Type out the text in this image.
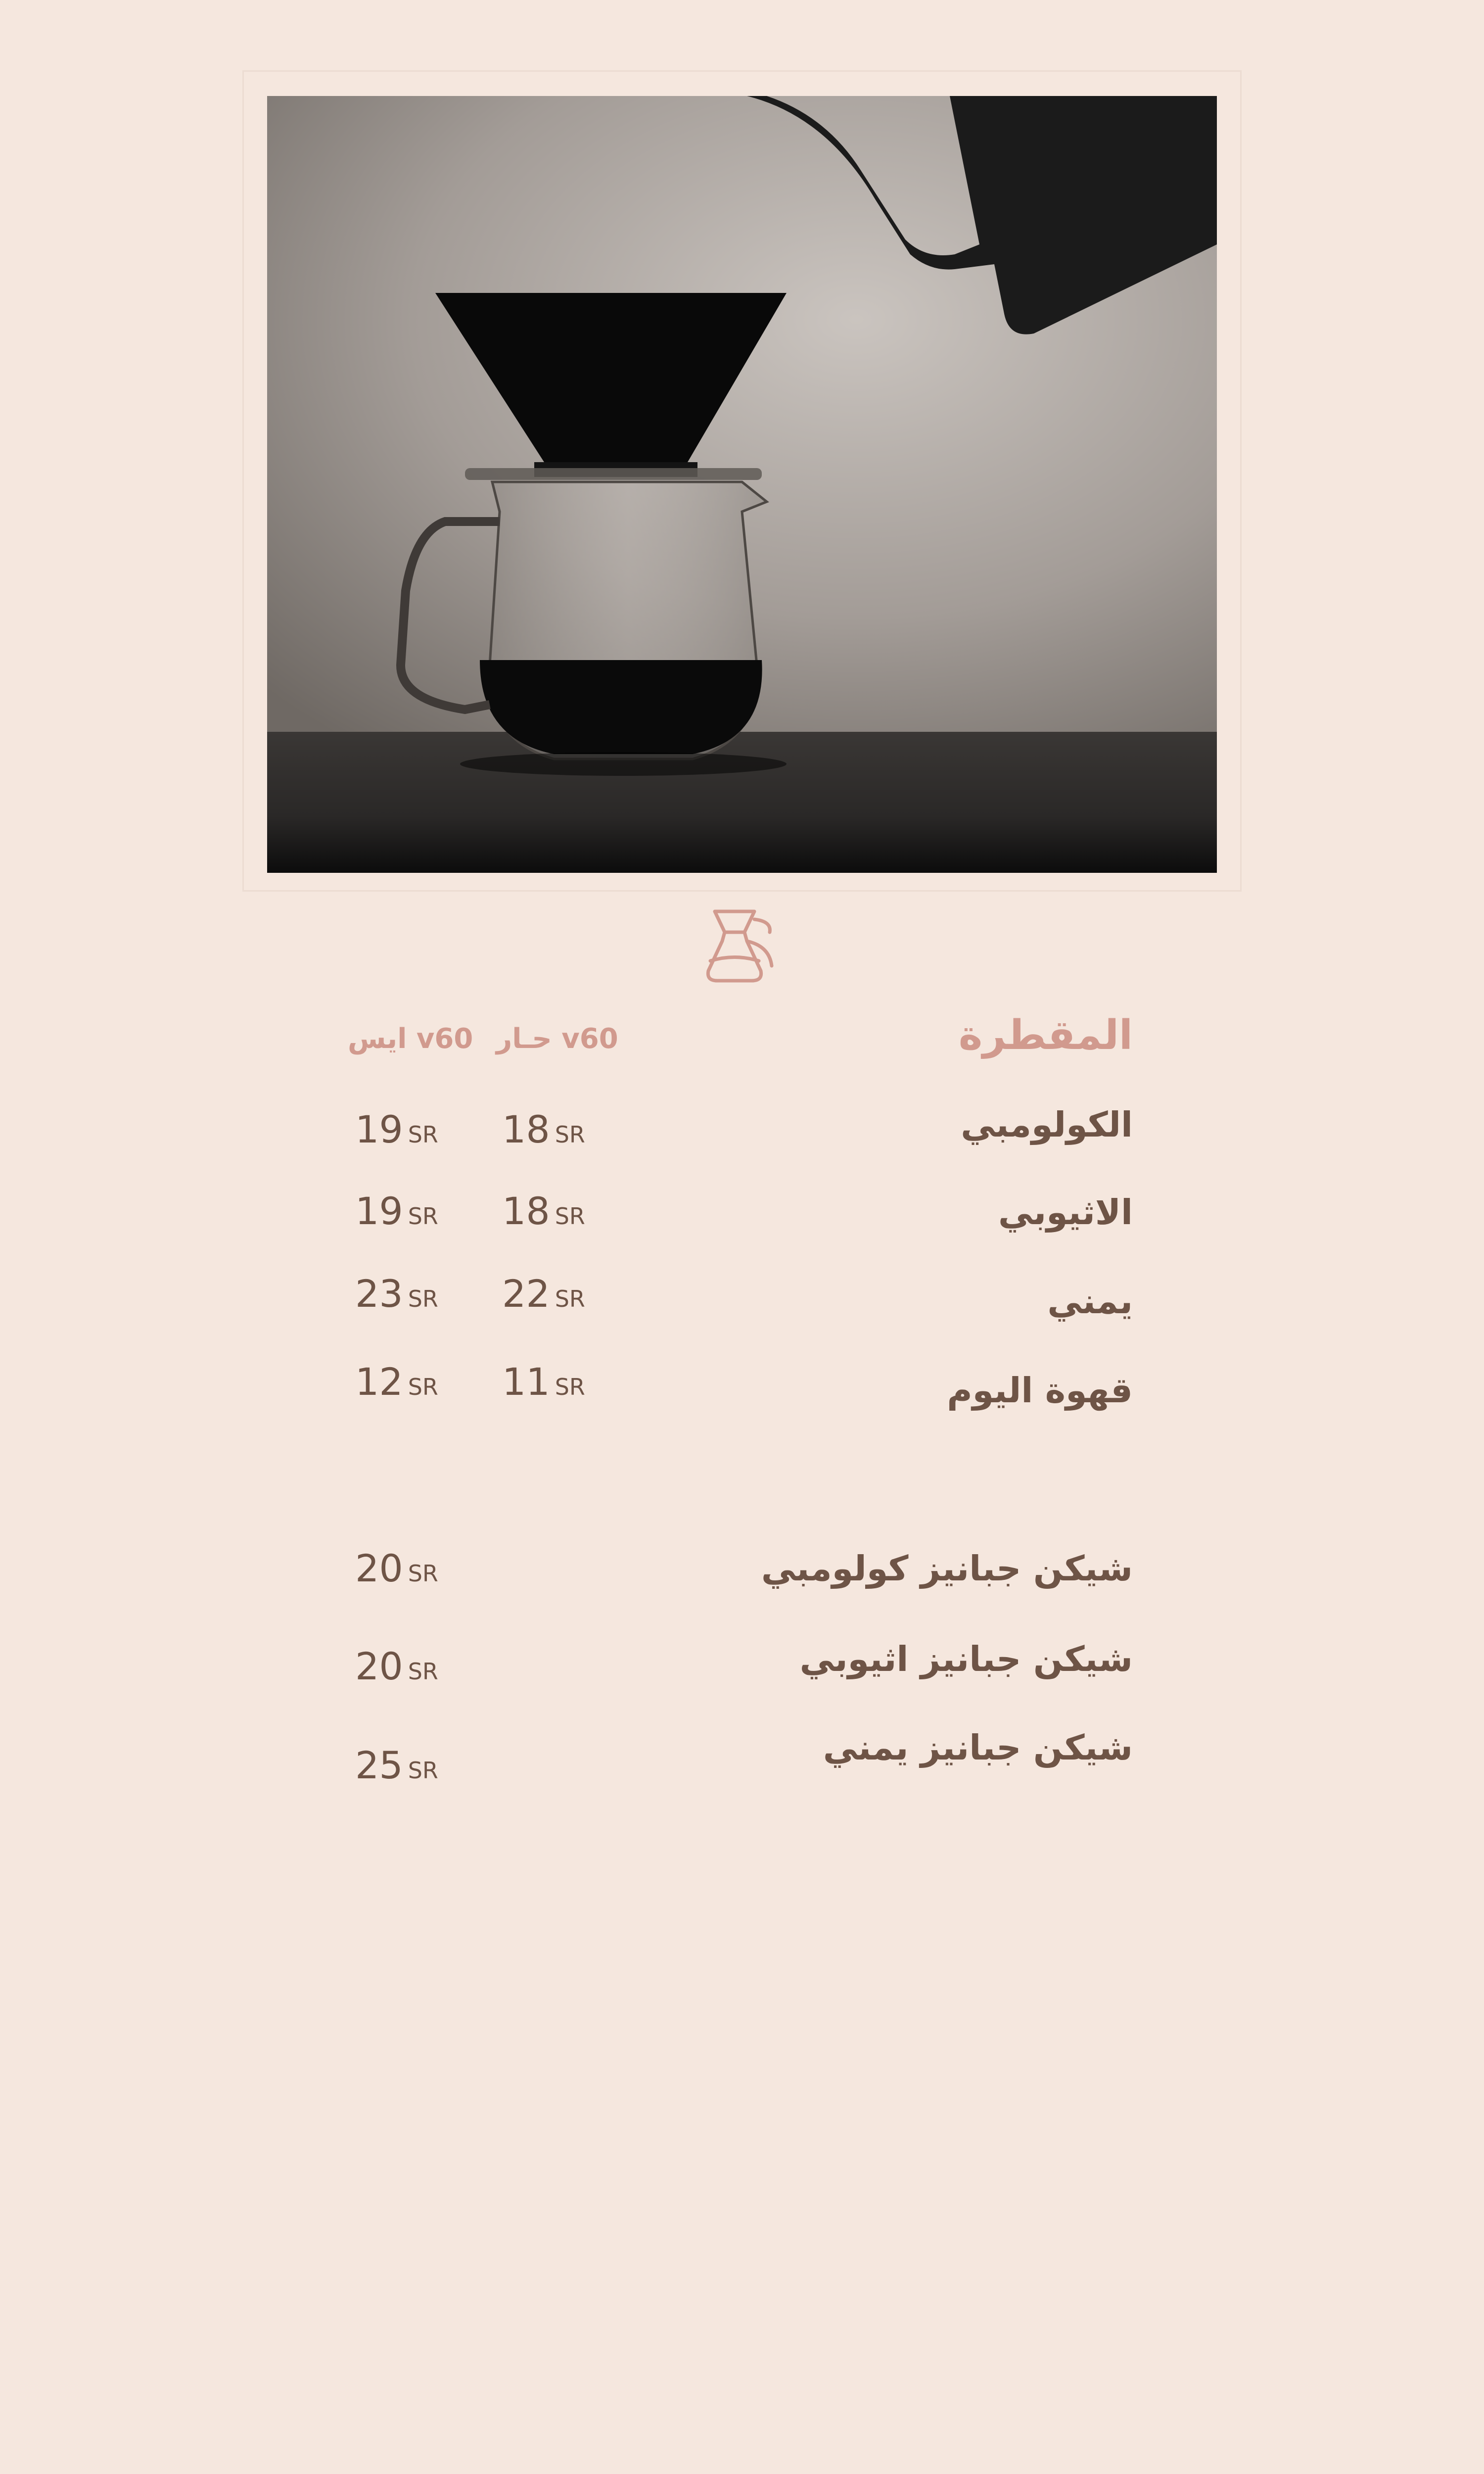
المقطرة
v60 حـار
v60 ايس
الكولومبي
18 SR
19 SR
الاثيوبي
18 SR
19 SR
يمني
22 SR
23 SR
قهوة اليوم
11 SR
12 SR
شيكن جبانيز كولومبي
20 SR
شيكن جبانيز اثيوبي
20 SR
شيكن جبانيز يمني
25 SR
